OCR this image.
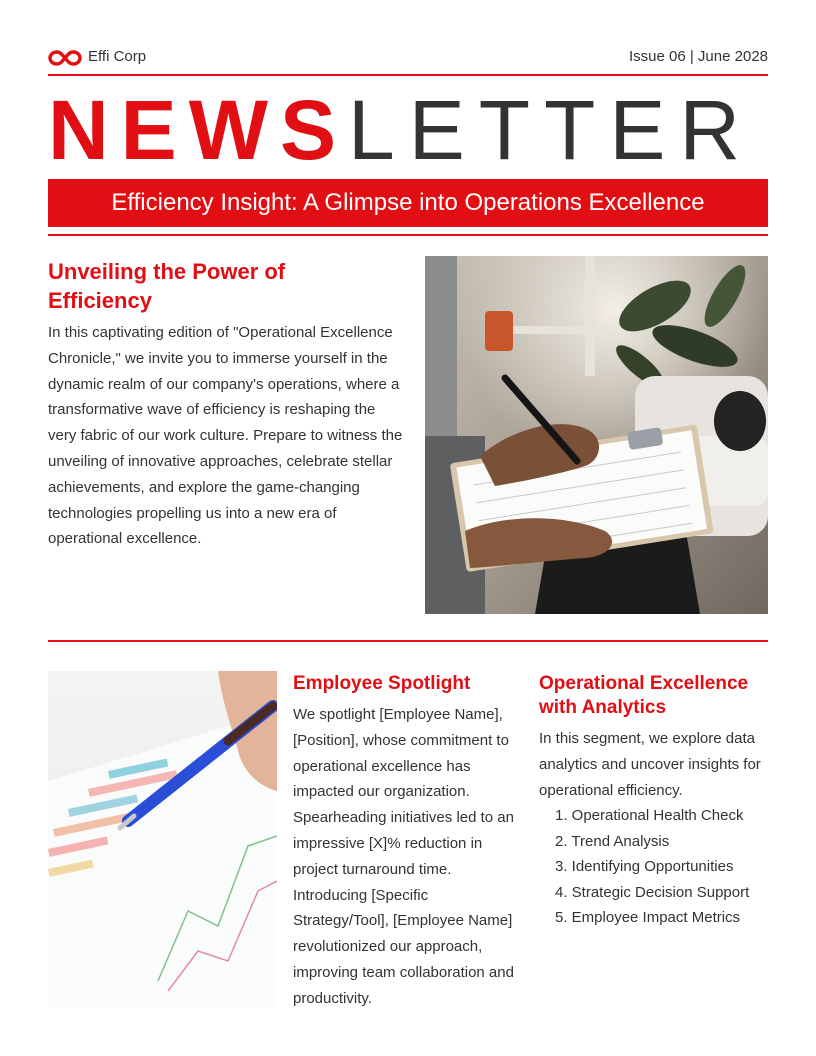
Effi Corp	Issue 06 | June 2028
NEWSLETTER
Efficiency Insight: A Glimpse into Operations Excellence
Unveiling the Power of Efficiency

In this captivating edition of "Operational Excellence Chronicle," we invite you to immerse yourself in the dynamic realm of our company's operations, where a transformative wave of efficiency is reshaping the very fabric of our work culture. Prepare to witness the unveiling of innovative approaches, celebrate stellar achievements, and explore the game-changing technologies propelling us into a new era of operational excellence.

Employee Spotlight

We spotlight [Employee Name], [Position], whose commitment to operational excellence has impacted our organization. Spearheading initiatives led to an impressive [X]% reduction in project turnaround time. Introducing [Specific Strategy/Tool], [Employee Name] revolutionized our approach, improving team collaboration and productivity.

Operational Excellence with Analytics

In this segment, we explore data analytics and uncover insights for operational efficiency.

1. Operational Health Check
2. Trend Analysis
3. Identifying Opportunities
4. Strategic Decision Support
5. Employee Impact Metrics
